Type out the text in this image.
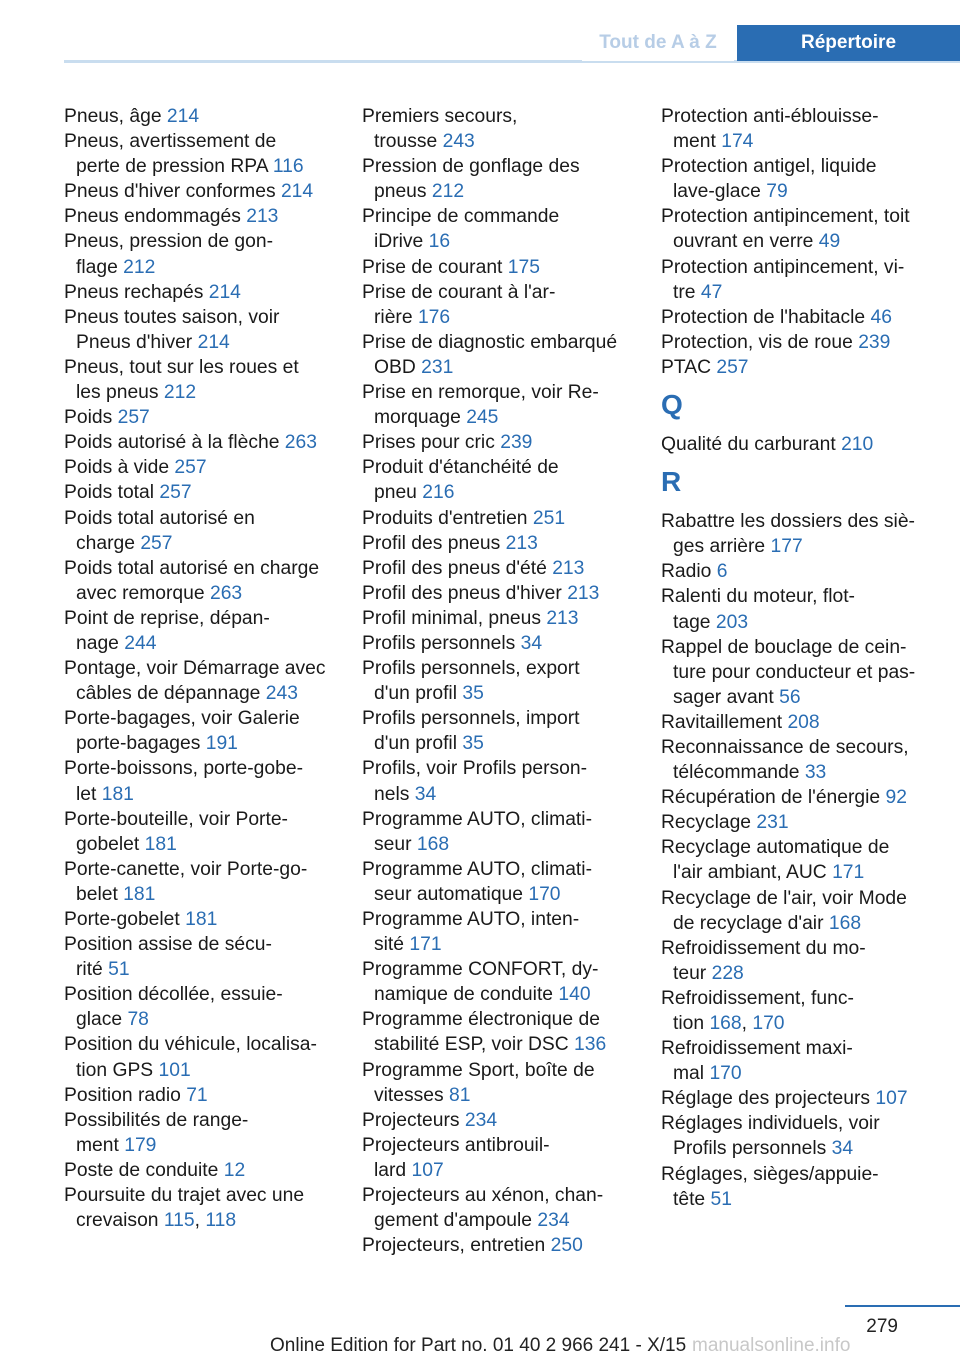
Tout de A à Z	Répertoire

Pneus, âge 214

Pneus, avertissement de
perte de pression RPA 116

Pneus d'hiver conformes 214

Pneus endommagés 213

Pneus, pression de gon‐
flage 212

Pneus rechapés 214

Pneus toutes saison, voir
Pneus d'hiver 214

Pneus, tout sur les roues et
les pneus 212

Poids 257

Poids autorisé à la flèche 263

Poids à vide 257

Poids total 257

Poids total autorisé en
charge 257

Poids total autorisé en charge
avec remorque 263

Point de reprise, dépan‐
nage 244

Pontage, voir Démarrage avec
câbles de dépannage 243

Porte-bagages, voir Galerie
porte-bagages 191

Porte-boissons, porte-gobe‐
let 181

Porte-bouteille, voir Porte-
gobelet 181

Porte-canette, voir Porte-go‐
belet 181

Porte-gobelet 181

Position assise de sécu‐
rité 51

Position décollée, essuie-
glace 78

Position du véhicule, localisa‐
tion GPS 101

Position radio 71

Possibilités de range‐
ment 179

Poste de conduite 12

Poursuite du trajet avec une
crevaison 115, 118

Premiers secours,
trousse 243

Pression de gonflage des
pneus 212

Principe de commande
iDrive 16

Prise de courant 175

Prise de courant à l'ar‐
rière 176

Prise de diagnostic embarqué
OBD 231

Prise en remorque, voir Re‐
morquage 245

Prises pour cric 239

Produit d'étanchéité de
pneu 216

Produits d'entretien 251

Profil des pneus 213

Profil des pneus d'été 213

Profil des pneus d'hiver 213

Profil minimal, pneus 213

Profils personnels 34

Profils personnels, export
d'un profil 35

Profils personnels, import
d'un profil 35

Profils, voir Profils person‐
nels 34

Programme AUTO, climati‐
seur 168

Programme AUTO, climati‐
seur automatique 170

Programme AUTO, inten‐
sité 171

Programme CONFORT, dy‐
namique de conduite 140

Programme électronique de
stabilité ESP, voir DSC 136

Programme Sport, boîte de
vitesses 81

Projecteurs 234

Projecteurs antibrouil‐
lard 107

Projecteurs au xénon, chan‐
gement d'ampoule 234

Projecteurs, entretien 250

Protection anti-éblouisse‐
ment 174

Protection antigel, liquide
lave-glace 79

Protection antipincement, toit
ouvrant en verre 49

Protection antipincement, vi‐
tre 47

Protection de l'habitacle 46

Protection, vis de roue 239

PTAC 257

Q

Qualité du carburant 210

R

Rabattre les dossiers des siè‐
ges arrière 177

Radio 6

Ralenti du moteur, flot‐
tage 203

Rappel de bouclage de cein‐
ture pour conducteur et pas‐
sager avant 56

Ravitaillement 208

Reconnaissance de secours,
télécommande 33

Récupération de l'énergie 92

Recyclage 231

Recyclage automatique de
l'air ambiant, AUC 171

Recyclage de l'air, voir Mode
de recyclage d'air 168

Refroidissement du mo‐
teur 228

Refroidissement, func‐
tion 168, 170

Refroidissement maxi‐
mal 170

Réglage des projecteurs 107

Réglages individuels, voir
Profils personnels 34

Réglages, sièges/appuie-
tête 51

279
Online Edition for Part no. 01 40 2 966 241 - X/15 manualsonline.info
